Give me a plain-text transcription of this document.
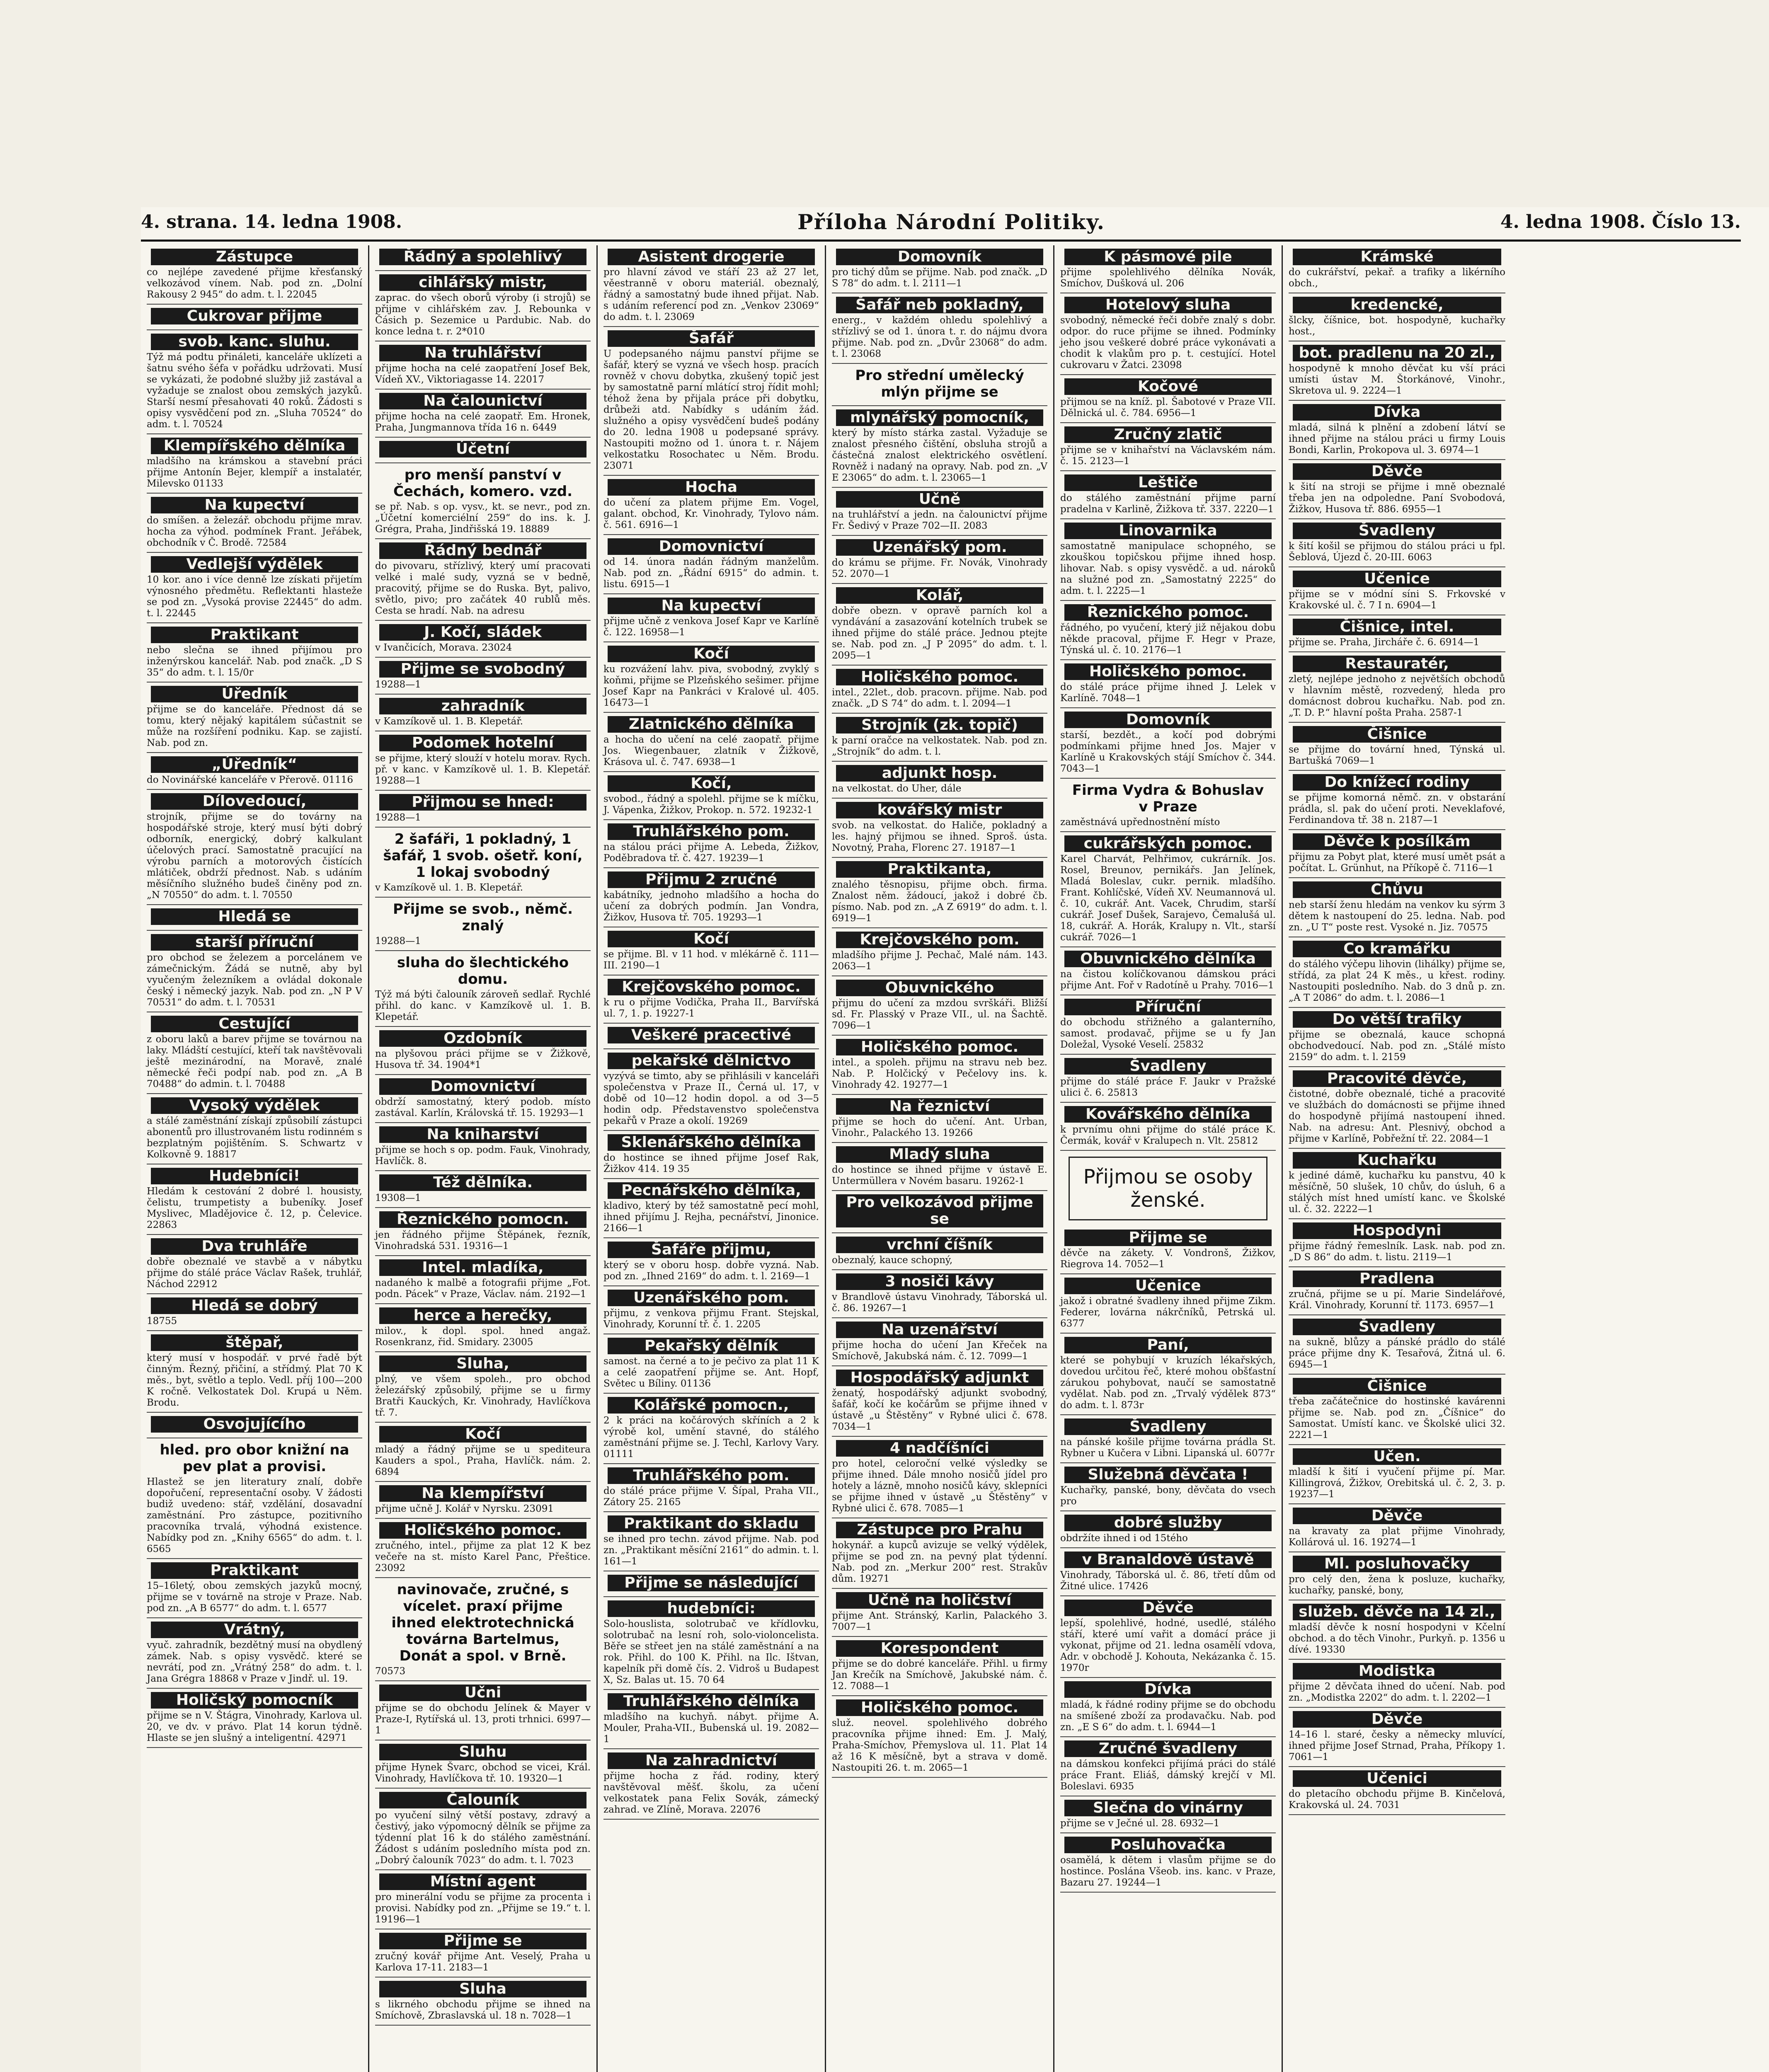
4. strana. 14. ledna 1908.	Příloha Národní Politiky.	4. ledna 1908. Číslo 13.
Zástupce
co nejlépe zavedené přijme křesťanský velkozávod vínem. Nab. pod zn. „Dolní Rakousy 2 945“ do adm. t. l. 22045
Cukrovar přijme
svob. kanc. sluhu.
Týž má podtu přináleti, kanceláře uklízeti a šatnu svého šéfa v pořádku udržovati. Musí se vykázati, že podobné služby již zastával a vyžaduje se znalost obou zemských jazyků. Starší nesmí přesahovati 40 roků. Žádosti s opisy vysvědčení pod zn. „Sluha 70524“ do adm. t. l. 70524
Klempířského dělníka
mladšího na krámskou a stavební práci přijme Antonín Bejer, klempíř a instalatér, Milevsko 01133
Na kupectví
do smíšen. a železář. obchodu přijme mrav. hocha za výhod. podmínek Frant. Jeřábek, obchodník v Č. Brodě. 72584
Vedlejší výdělek
10 kor. ano i více denně lze získati přijetím výnosného předmětu. Reflektanti hlasteže se pod zn. „Vysoká provise 22445“ do adm. t. l. 22445
Praktikant
nebo slečna se ihned přijímou pro inženýrskou kancelář. Nab. pod značk. „D S 35“ do adm. t. l. 15/0r
Úředník
přijme se do kanceláře. Přednost dá se tomu, který nějaký kapitálem súčastnit se může na rozšíření podniku. Kap. se zajistí. Nab. pod zn.
„Úředník“
do Novinářské kanceláře v Přerově. 01116
Dílovedoucí,
strojník, přijme se do továrny na hospodářské stroje, který musí býti dobrý odborník, energický, dobrý kalkulant účelových prací. Samostatně pracující na výrobu parních a motorových čistících mlátiček, obdrží přednost. Nab. s udáním měsíčního služného budeš činěny pod zn. „N 70550“ do adm. t. l. 70550
Hledá se
starší příruční
pro obchod se železem a porcelánem ve zámečnickým. Žádá se nutně, aby byl vyučeným železníkem a ovládal dokonale český i německý jazyk. Nab. pod zn. „N P V 70531“ do adm. t. l. 70531
Cestující
z oboru laků a barev přijme se továrnou na laky. Mládští cestující, kteří tak navštěvovali ještě mezinárodní, na Moravě, znalé německé řeči podpí nab. pod zn. „A B 70488“ do admin. t. l. 70488
Vysoký výdělek
a stálé zaměstnání získají způsobilí zástupci abonentů pro illustrovaném listu rodinném s bezplatným pojištěním. S. Schwartz v Kolkovně 9. 18817
Hudebníci!
Hledám k cestování 2 dobré l. housisty, čelistu, trumpetisty a bubeníky. Josef Myslivec, Mladějovice č. 12, p. Čelevice. 22863
Dva truhláře
dobře obeznalé ve stavbě a v nábytku přijme do stálé práce Václav Rašek, truhlář, Náchod 22912
Hledá se dobrý
18755
štěpař,
který musí v hospodář. v prvé řadě být činným. Řezný, přičiní, a střídmý. Plat 70 K měs., byt, světlo a teplo. Vedl. příj 100—200 K ročně. Velkostatek Dol. Krupá u Něm. Brodu.
Osvojujícího
hled. pro obor knižní na pev plat a provisi.
Hlastež se jen literatury znalí, dobře dopořučení, representační osoby. V žádosti budiž uvedeno: stář, vzdělání, dosavadní zaměstnání. Pro zástupce, pozitivního pracovníka trvalá, výhodná existence. Nabídky pod zn. „Knihy 6565“ do adm. t. l. 6565
Praktikant
15–16letý, obou zemských jazyků mocný, přijme se v továrně na stroje v Praze. Nab. pod zn. „A B 6577“ do adm. t. l. 6577
Vrátný,
vyuč. zahradník, bezdětný musí na obydlený zámek. Nab. s opisy vysvědč. které se nevrátí, pod zn. „Vrátný 258“ do adm. t. l. Jana Grégra 18868 v Praze v Jindř. ul. 19.
Holičský pomocník
přijme se n V. Štágra, Vinohrady, Karlova ul. 20, ve dv. v právo. Plat 14 korun týdně. Hlaste se jen slušný a inteligentní. 42971
Řádný a spolehlivý
cihlářský mistr,
zaprac. do všech oborů výroby (i strojů) se přijme v cihlářském zav. J. Rebounka v Čásich p. Sezemice u Pardubic. Nab. do konce ledna t. r. 2*010
Na truhlářství
přijme hocha na celé zaopatření Josef Bek, Vídeň XV., Viktoriagasse 14. 22017
Na čalounictví
přijme hocha na celé zaopatř. Em. Hronek, Praha, Jungmannova třída 16 n. 6449
Účetní
pro menší panství v Čechách, komero. vzd.
se př. Nab. s op. vysv., kt. se nevr., pod zn. „Účetní komerciélní 259“ do ins. k. J. Grégra, Praha, Jindřišská 19. 18889
Řádný bednář
do pivovaru, střízlivý, který umí pracovati velké i malé sudy, vyzná se v bedně, pracovitý, přijme se do Ruska. Byt, palivo, světlo, pivo; pro začátek 40 rublů měs. Cesta se hradí. Nab. na adresu
J. Kočí, sládek
v Ivančicích, Morava. 23024
Přijme se svobodný
19288—1
zahradník
v Kamzíkově ul. 1. B. Klepetář.
Podomek hotelní
se přijme, který slouží v hotelu morav. Rych. př. v kanc. v Kamzíkově ul. 1. B. Klepetář. 19288—1
Přijmou se hned:
19288—1
2 šafáři, 1 pokladný, 1 šafář, 1 svob. ošetř. koní, 1 lokaj svobodný
v Kamzíkově ul. 1. B. Klepetář.
Přijme se svob., němč. znalý
19288—1
sluha do šlechtického domu.
Týž má býti čalouník zároveň sedlař. Rychlé přihl. do kanc. v Kamzíkově ul. 1. B. Klepetář.
Ozdobník
na plyšovou práci přijme se v Žižkově, Husova tř. 34. 1904*1
Domovnictví
obdrží samostatný, který podob. místo zastával. Karlín, Královská tř. 15. 19293—1
Na kniharství
přijme se hoch s op. podm. Fauk, Vinohrady, Havlíčk. 8.
Též dělníka.
19308—1
Řeznického pomocn.
jen řádného přijme Štěpánek, řezník, Vinohradská 531. 19316—1
Intel. mladíka,
nadaného k malbě a fotografii přijme „Fot. podn. Pácek“ v Praze, Václav. nám. 2192—1
herce a herečky,
milov., k dopl. spol. hned angaž. Rosenkranz, řid. Smidary. 23005
Sluha,
plný, ve všem spoleh., pro obchod železářský způsobilý, přijme se u firmy Bratři Kauckých, Kr. Vinohrady, Havlíčkova tř. 7.
Kočí
mladý a řádný přijme se u spediteura Kauders a spol., Praha, Havlíčk. nám. 2. 6894
Na klempířství
přijme učně J. Kolář v Nyrsku. 23091
Holičského pomoc.
zručného, intel., přijme za plat 12 K bez večeře na st. místo Karel Panc, Přeštice. 23092
navinovače, zručné, s vícelet. praxí přijme ihned elektrotechnická továrna Bartelmus, Donát a spol. v Brně.
70573
Učni
přijme se do obchodu Jelínek & Mayer v Praze-I, Rytířská ul. 13, proti trhnici. 6997—1
Sluhu
přijme Hynek Švarc, obchod se vicei, Král. Vinohrady, Havlíčkova tř. 10. 19320—1
Čalouník
po vyučení silný větší postavy, zdravý a čestivý, jako výpomocný dělník se přijme za týdenní plat 16 k do stálého zaměstnání. Žádost s udáním posledního místa pod zn. „Dobrý čalouník 7023“ do adm. t. l. 7023
Místní agent
pro minerální vodu se přijme za procenta i provisi. Nabídky pod zn. „Přijme se 19.“ t. l. 19196—1
Přijme se
zručný kovář přijme Ant. Veselý, Praha u Karlova 17-11. 2183—1
Sluha
s likrného obchodu přijme se ihned na Smíchově, Zbraslavská ul. 18 n. 7028—1
Asistent drogerie
pro hlavní závod ve stáří 23 až 27 let, věestranně v oboru materiál. obeznalý, řádný a samostatný bude ihned přijat. Nab. s udáním referencí pod zn. „Venkov 23069“ do adm. t. l. 23069
Šafář
U podepsaného nájmu panství přijme se šafář, který se vyzná ve všech hosp. pracích rovněž v chovu dobytka, zkušený topič jest by samostatně parní mlátící stroj řídit mohl; téhož žena by přijala práce při dobytku, drůbeži atd. Nabídky s udáním žád. služného a opisy vysvědčení budeš podány do 20. ledna 1908 u podepsané správy. Nastoupiti možno od 1. února t. r. Nájem velkostatku Rosochatec u Něm. Brodu. 23071
Hocha
do učení za platem přijme Em. Vogel, galant. obchod, Kr. Vinohrady, Tylovo nám. č. 561. 6916—1
Domovnictví
od 14. února nadán řádným manželům. Nab. pod zn. „Řádní 6915“ do admin. t. listu. 6915—1
Na kupectví
přijme učně z venkova Josef Kapr ve Karlíně č. 122. 16958—1
Kočí
ku rozvážení lahv. piva, svobodný, zvyklý s koňmi, přijme se Plzeňského sešimer. přijme Josef Kapr na Pankráci v Kralové ul. 405. 16473—1
Zlatnického dělníka
a hocha do učení na celé zaopatř. přijme Jos. Wiegenbauer, zlatník v Žižkově, Krásova ul. č. 747. 6938—1
Kočí,
svobod., řádný a spolehl. přijme se k míčku, J. Vápenka, Žižkov, Prokop. n. 572. 19232-1
Truhlářského pom.
na stálou práci přijme A. Lebeda, Žižkov, Poděbradova tř. č. 427. 19239—1
Přijmu 2 zručné
kabátníky, jednoho mladšího a hocha do učení za dobrých podmín. Jan Vondra, Žižkov, Husova tř. 705. 19293—1
Kočí
se přijme. Bl. v 11 hod. v mlékárně č. 111—III. 2190—1
Krejčovského pomoc.
k ru o přijme Vodička, Praha II., Barvířská ul. 7, 1. p. 19227-1
Veškeré pracectivé
pekařské dělnictvo
vyzývá se timto, aby se přihlásili v kanceláři společenstva v Praze II., Černá ul. 17, v době od 10—12 hodin dopol. a od 3—5 hodin odp. Představenstvo společenstva pekařů v Praze a okolí. 19269
Sklenářského dělníka
do hostince se ihned přijme Josef Rak, Žižkov 414. 19 35
Pecnářského dělníka,
kladivo, který by též samostatně pecí mohl, ihned přijímu J. Rejha, pecnářství, Jinonice. 2166—1
Šafáře přijmu,
který se v oboru hosp. dobře vyzná. Nab. pod zn. „Ihned 2169“ do adm. t. l. 2169—1
Uzenářského pom.
přijmu, z venkova přijmu Frant. Stejskal, Vinohrady, Korunní tř. č. 1. 2205
Pekařský dělník
samost. na černé a to je pečivo za plat 11 K a celé zaopatření přijme se. Ant. Hopf, Světec u Bíliny. 01136
Kolářské pomocn.,
2 k práci na kočárových skříních a 2 k výrobě kol, umění stavné, do stálého zaměstnání přijme se. J. Techl, Karlovy Vary. 01111
Truhlářského pom.
do stálé práce přijme V. Šípal, Praha VII., Zátory 25. 2165
Praktikant do skladu
se ihned pro techn. závod přijme. Nab. pod zn. „Praktikant měsíční 2161“ do admin. t. l. 161—1
Přijme se následující
hudebníci:
Solo-houslista, solotrubač ve křídlovku, solotrubač na lesní roh, solo-violoncelista. Běře se střeet jen na stálé zaměstnání a na rok. Přihl. do 100 K. Přihl. na Ilc. Ištvan, kapelník při domě čís. 2. Vidroš u Budapest X, Sz. Balas ut. 15. 70 64
Truhlářského dělníka
mladšího na kuchyň. nábyt. přijme A. Mouler, Praha-VII., Bubenská ul. 19. 2082—1
Na zahradnictví
přijme hocha z řád. rodiny, který navštěvoval měšť. školu, za učení velkostatek pana Felix Sovák, zámecký zahrad. ve Zlíně, Morava. 22076
Domovník
pro tichý dům se přijme. Nab. pod značk. „D S 78“ do adm. t. l. 2111—1
Šafář neb pokladný,
energ., v každém ohledu spolehlivý a střízlivý se od 1. února t. r. do nájmu dvora přijme. Nab. pod zn. „Dvůr 23068“ do adm. t. l. 23068
Pro střední umělecký mlýn přijme se
mlynářský pomocník,
který by místo stárka zastal. Vyžaduje se znalost přesného čištění, obsluha strojů a částečná znalost elektrického osvětlení. Rovněž i nadaný na opravy. Nab. pod zn. „V E 23065“ do adm. t. l. 23065—1
Učně
na truhlářství a jedn. na čalounictví přijme Fr. Šedivý v Praze 702—II. 2083
Uzenářský pom.
do krámu se přijme. Fr. Novák, Vinohrady 52. 2070—1
Kolář,
dobře obezn. v opravě parních kol a vyndávání a zasazování kotelních trubek se ihned přijme do stálé práce. Jednou ptejte se. Nab. pod zn. „J P 2095“ do adm. t. l. 2095—1
Holičského pomoc.
intel., 22let., dob. pracovn. přijme. Nab. pod značk. „D S 74“ do adm. t. l. 2094—1
Strojník (zk. topič)
k parní oračce na velkostatek. Nab. pod zn. „Strojník“ do adm. t. l.
adjunkt hosp.
na velkostat. do Uher, dále
kovářský mistr
svob. na velkostat. do Haliče, pokladný a les. hajný přijmou se ihned. Sproš. ústa. Novotný, Praha, Florenc 27. 19187—1
Praktikanta,
znalého těsnopisu, přijme obch. firma. Znalost něm. žádoucí, jakož i dobré čb. písmo. Nab. pod zn. „A Z 6919“ do adm. t. l. 6919—1
Krejčovského pom.
mladšího přijme J. Pechač, Malé nám. 143. 2063—1
Obuvnického
přijmu do učení za mzdou svrškáři. Bližší sd. Fr. Plasský v Praze VII., ul. na Šachtě. 7096—1
Holičského pomoc.
intel., a spoleh. přijmu na stravu neb bez. Nab. P. Holčický v Pečelovy ins. k. Vinohrady 42. 19277—1
Na řeznictví
přijme se hoch do učení. Ant. Urban, Vinohr., Palackého 13. 19266
Mladý sluha
do hostince se ihned přijme v ústavě E. Untermüllera v Novém basaru. 19262-1
Pro velkozávod přijme se
vrchní číšník
obeznalý, kauce schopný,
3 nosiči kávy
v Brandlově ústavu Vinohrady, Táborská ul. č. 86. 19267—1
Na uzenářství
přijme hocha do učení Jan Křeček na Smíchově, Jakubská nám. č. 12. 7099—1
Hospodářský adjunkt
ženatý, hospodářský adjunkt svobodný, šafář, kočí ke kočárům se přijme ihned v ústavě „u Štěstěny“ v Rybné ulici č. 678. 7034—1
4 nadčíšníci
pro hotel, celoroční velké výsledky se přijme ihned. Dále mnoho nosičů jídel pro hotely a lázně, mnoho nosičů kávy, sklepníci se přijme ihned v ústavě „u Štěstěny“ v Rybné ulici č. 678. 7085—1
Zástupce pro Prahu
hokynář. a kupců avizuje se velký výdělek, přijme se pod zn. na pevný plat týdenní. Nab. pod zn. „Merkur 200“ rest. Strakův dům. 19271
Učně na holičství
přijme Ant. Stránský, Karlin, Palackého 3. 7007—1
Korespondent
přijme se do dobré kanceláře. Přihl. u firmy Jan Krečík na Smíchově, Jakubské nám. č. 12. 7088—1
Holičského pomoc.
služ. neovel. spolehlivého dobrého pracovníka přijme ihned: Em. J. Malý, Praha-Smíchov, Přemyslova ul. 11. Plat 14 až 16 K měsíčně, byt a strava v domě. Nastoupiti 26. t. m. 2065—1
K pásmové pile
přijme spolehlivého dělníka Novák, Smíchov, Dušková ul. 206
Hotelový sluha
svobodný, německé řeči dobře znalý s dobr. odpor. do ruce přijme se ihned. Podmínky jeho jsou veškeré dobré práce vykonávati a chodit k vlakům pro p. t. cestující. Hotel cukrovaru v Žatci. 23098
Kočové
přijmou se na kníž. pl. Šabotové v Praze VII. Dělnická ul. č. 784. 6956—1
Zručný zlatič
přijme se v knihařství na Václavském nám. č. 15. 2123—1
Leštiče
do stálého zaměstnání přijme parní pradelna v Karlině, Žižkova tř. 337. 2220—1
Linovarnika
samostatně manipulace schopného, se zkouškou topičskou přijme ihned hosp. lihovar. Nab. s opisy vysvědč. a ud. nároků na služné pod zn. „Samostatný 2225“ do adm. t. l. 2225—1
Řeznického pomoc.
řádného, po vyučení, který již nějakou dobu někde pracoval, přijme F. Hegr v Praze, Týnská ul. č. 10. 2176—1
Holičského pomoc.
do stálé práce přijme ihned J. Lelek v Karlíně. 7048—1
Domovník
starší, bezdět., a kočí pod dobrými podmínkami přijme hned Jos. Majer v Karlíně u Krakovských stájí Smíchov č. 344. 7043—1
Firma Vydra & Bohuslav v Praze
zaměstnává upřednostnění místo
cukrářských pomoc.
Karel Charvát, Pelhřimov, cukrárník. Jos. Rosel, Breunov, pernikářs. Jan Jelínek, Mladá Boleslav, cukr. pernik. mladšího. Frant. Kohlíčské, Vídeň XV. Neumannová ul. č. 10, cukrář. Ant. Vacek, Chrudim, starší cukrář. Josef Dušek, Sarajevo, Čemalušá ul. 18, cukrář. A. Horák, Kralupy n. Vlt., starší cukrář. 7026—1
Obuvnického dělníka
na čistou kolíčkovanou dámskou práci přijme Ant. Foř v Radotíně u Prahy. 7016—1
Příruční
do obchodu střižného a galanterního, samost. prodavač, přijme se u fy Jan Doležal, Vysoké Veselí. 25832
Švadleny
přijme do stálé práce F. Jaukr v Pražské ulici č. 6. 25813
Kovářského dělníka
k prvnímu ohni přijme do stálé práce K. Čermák, kovář v Kralupech n. Vlt. 25812
Přijmou se osoby ženské.
Přijme se
děvče na zákety. V. Vondronš, Žižkov, Riegrova 14. 7052—1
Učenice
jakož i obratné švadleny ihned přijme Zikm. Federer, lovárna nákrčníků, Petrská ul. 6377
Paní,
které se pohybují v kruzích lékařských, dovedou určitou řeč, které mohou obšťastní zárukou pohybovat, naučí se samostatně vydělat. Nab. pod zn. „Trvalý výdělek 873“ do adm. t. l. 873r
Švadleny
na pánské košile přijme továrna prádla St. Rybner u Kučera v Libni. Lipanská ul. 6077r
Služebná děvčata !
Kuchařky, panské, bony, děvčata do vsech pro
dobré služby
obdržíte ihned i od 15tého
v Branaldově ústavě
Vinohrady, Táborská ul. č. 86, třetí dům od Žitné ulice. 17426
Děvče
lepší, spolehlivé, hodné, usedlé, stálého stáří, které umí vařit a domácí práce ji vykonat, přijme od 21. ledna osamělí vdova, Adr. v obchodě J. Kohouta, Nekázanka č. 15. 1970r
Dívka
mladá, k řádné rodiny přijme se do obchodu na smíšené zboží za prodavačku. Nab. pod zn. „E S 6“ do adm. t. l. 6944—1
Zručné švadleny
na dámskou konfekci přijímá práci do stálé práce Frant. Eliáš, dámský krejčí v Ml. Boleslavi. 6935
Slečna do vinárny
přijme se v Ječné ul. 28. 6932—1
Posluhovačka
osamělá, k dětem i vlasům přijme se do hostince. Poslána Všeob. ins. kanc. v Praze, Bazaru 27. 19244—1
Krámské
do cukrářství, pekař. a trafiky a likérního obch.,
kredencké,
šlcky, číšnice, bot. hospodyně, kuchařky host.,
bot. pradlenu na 20 zl.,
hospodyně k mnoho děvčat ku vší práci umísti ústav M. Štorkánové, Vinohr., Skretova ul. 9. 2224—1
Dívka
mladá, silná k plnění a zdobení látví se ihned přijme na stálou práci u firmy Louis Bondi, Karlin, Prokopova ul. 3. 6974—1
Děvče
k šití na stroji se přijme i mně obeznalé třeba jen na odpoledne. Paní Svobodová, Žižkov, Husova tř. 886. 6955—1
Švadleny
k šití košil se přijmou do stálou práci u fpl. Šeblová, Újezd č. 20-III. 6063
Učenice
přijme se v módní síni S. Frkovské v Krakovské ul. č. 7 I n. 6904—1
Čišnice, intel.
přijme se. Praha, Jircháře č. 6. 6914—1
Restauratér,
zletý, nejlépe jednoho z největších obchodů v hlavním městě, rozvedený, hleda pro domácnost dobrou kuchařku. Nab. pod zn. „T. D. P.“ hlavní pošta Praha. 2587-1
Čišnice
se přijme do tovární hned, Týnská ul. Bartušká 7069—1
Do knížecí rodiny
se přijme komorná němč. zn. v obstarání prádla, sl. pak do učení proti. Neveklafové, Ferdinandova tř. 38 n. 2187—1
Děvče k posílkám
přijmu za Pobyt plat, které musí umět psát a počítat. L. Grünhut, na Příkopě č. 7116—1
Chůvu
neb starší ženu hledám na venkov ku sýrm 3 dětem k nastoupení do 25. ledna. Nab. pod zn. „U T“ poste rest. Vysoké n. Jiz. 70575
Co kramářku
do stálého výčepu lihovin (lihálky) přijme se, střídá, za plat 24 K měs., u křest. rodiny. Nastoupiti posledního. Nab. do 3 dnů p. zn. „A T 2086“ do adm. t. l. 2086—1
Do větší trafiky
přijme se obeznalá, kauce schopná obchodvedoucí. Nab. pod zn. „Stálé místo 2159“ do adm. t. l. 2159
Pracovité děvče,
čistotné, dobře obeznalé, tiché a pracovité ve službách do domácnosti se přijme ihned do hospodyně přijímá nastoupení ihned. Nab. na adresu: Ant. Plesnivý, obchod a přijme v Karlíně, Pobřežní tř. 22. 2084—1
Kuchařku
k jediné dámě, kuchařku ku panstvu, 40 k měsíčně, 50 slušek, 10 chův, do úsluh, 6 a stálých míst hned umístí kanc. ve Školské ul. č. 32. 2222—1
Hospodyni
přijme řádný řemeslník. Lask. nab. pod zn. „D S 86“ do adm. t. listu. 2119—1
Pradlena
zručná, přijme se u pí. Marie Sindelářové, Král. Vinohrady, Korunní tř. 1173. 6957—1
Švadleny
na sukně, blůzy a pánské prádlo do stálé práce přijme dny K. Tesařová, Žitná ul. 6. 6945—1
Čišnice
třeba začátečnice do hostinské kavárenni přijme se. Nab. pod zn. „Číšnice“ do Samostat. Umístí kanc. ve Školské ulici 32. 2221—1
Učen.
mladší k šití i vyučení přijme pí. Mar. Killingrová, Žižkov, Orebitská ul. č. 2, 3. p. 19237—1
Děvče
na kravaty za plat přijme Vinohrady, Kollárová ul. 16. 19274—1
Ml. posluhovačky
pro celý den, žena k posluze, kuchařky, kuchařky, panské, bony,
služeb. děvče na 14 zl.,
mladší děvče k nosní hospodyni v Kčelní obchod. a do těch Vinohr., Purkyň. p. 1356 u dívé. 19330
Modistka
přijme 2 děvčata ihned do učení. Nab. pod zn. „Modistka 2202“ do adm. t. l. 2202—1
Děvče
14–16 l. staré, česky a německy mluvící, ihned přijme Josef Strnad, Praha, Příkopy 1. 7061—1
Učenici
do pletacího obchodu přijme B. Kinčelová, Krakovská ul. 24. 7031
